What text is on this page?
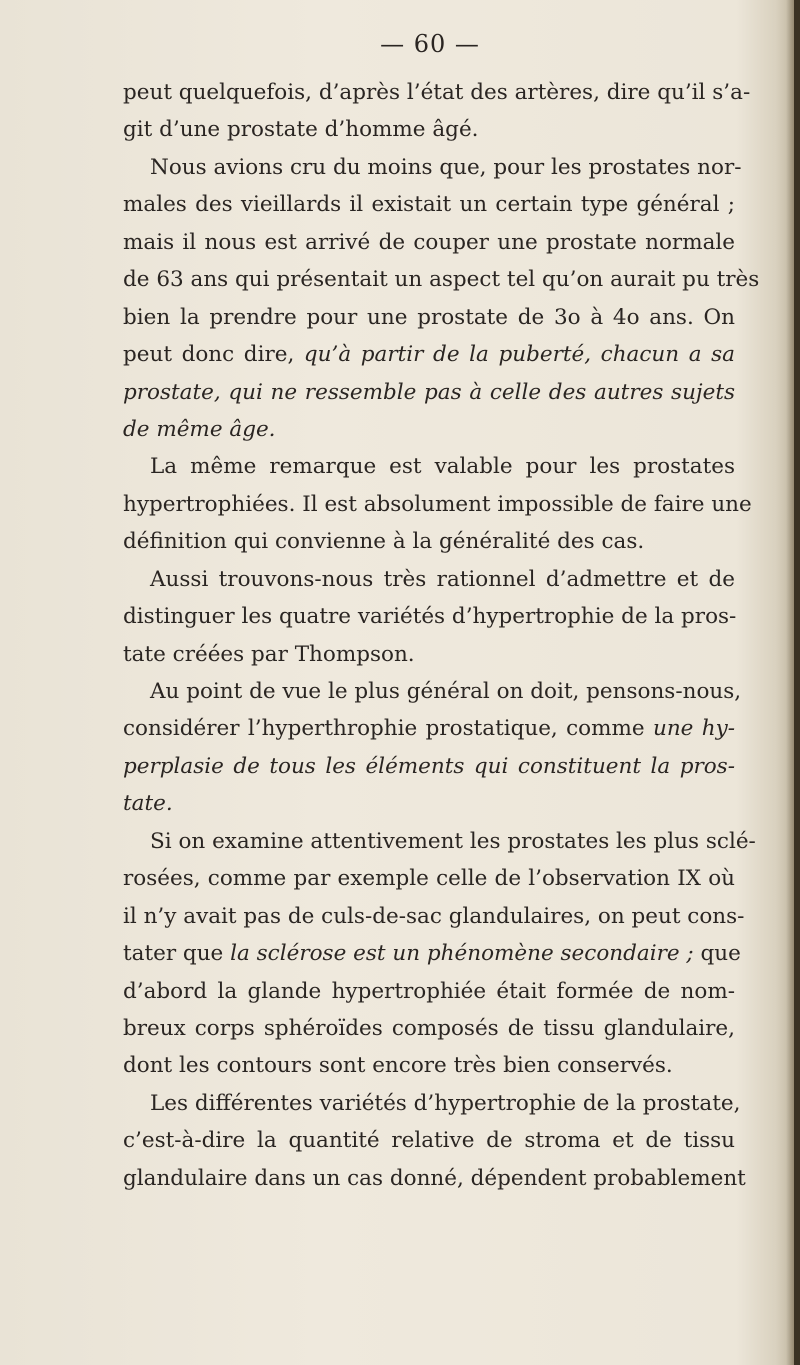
— 60 —

peut quelquefois, d’après l’état des artères, dire qu’il s’a-

git d’une prostate d’homme âgé.

Nous avions cru du moins que, pour les prostates nor-

males des vieillards il existait un certain type général ;

mais il nous est arrivé de couper une prostate normale

de 63 ans qui présentait un aspect tel qu’on aurait pu très

bien la prendre pour une prostate de 3o à 4o ans. On

peut donc dire, qu’à partir de la puberté, chacun a sa

prostate, qui ne ressemble pas à celle des autres sujets

de même âge.

La même remarque est valable pour les prostates

hypertrophiées. Il est absolument impossible de faire une

définition qui convienne à la généralité des cas.

Aussi trouvons-nous très rationnel d’admettre et de

distinguer les quatre variétés d’hypertrophie de la pros-

tate créées par Thompson.

Au point de vue le plus général on doit, pensons-nous,

considérer l’hyperthrophie prostatique, comme une hy-

perplasie de tous les éléments qui constituent la pros-

tate.

Si on examine attentivement les prostates les plus sclé-

rosées, comme par exemple celle de l’observation IX où

il n’y avait pas de culs-de-sac glandulaires, on peut cons-

tater que la sclérose est un phénomène secondaire ; que

d’abord la glande hypertrophiée était formée de nom-

breux corps sphéroïdes composés de tissu glandulaire,

dont les contours sont encore très bien conservés.

Les différentes variétés d’hypertrophie de la prostate,

c’est-à-dire la quantité relative de stroma et de tissu

glandulaire dans un cas donné, dépendent probablement
